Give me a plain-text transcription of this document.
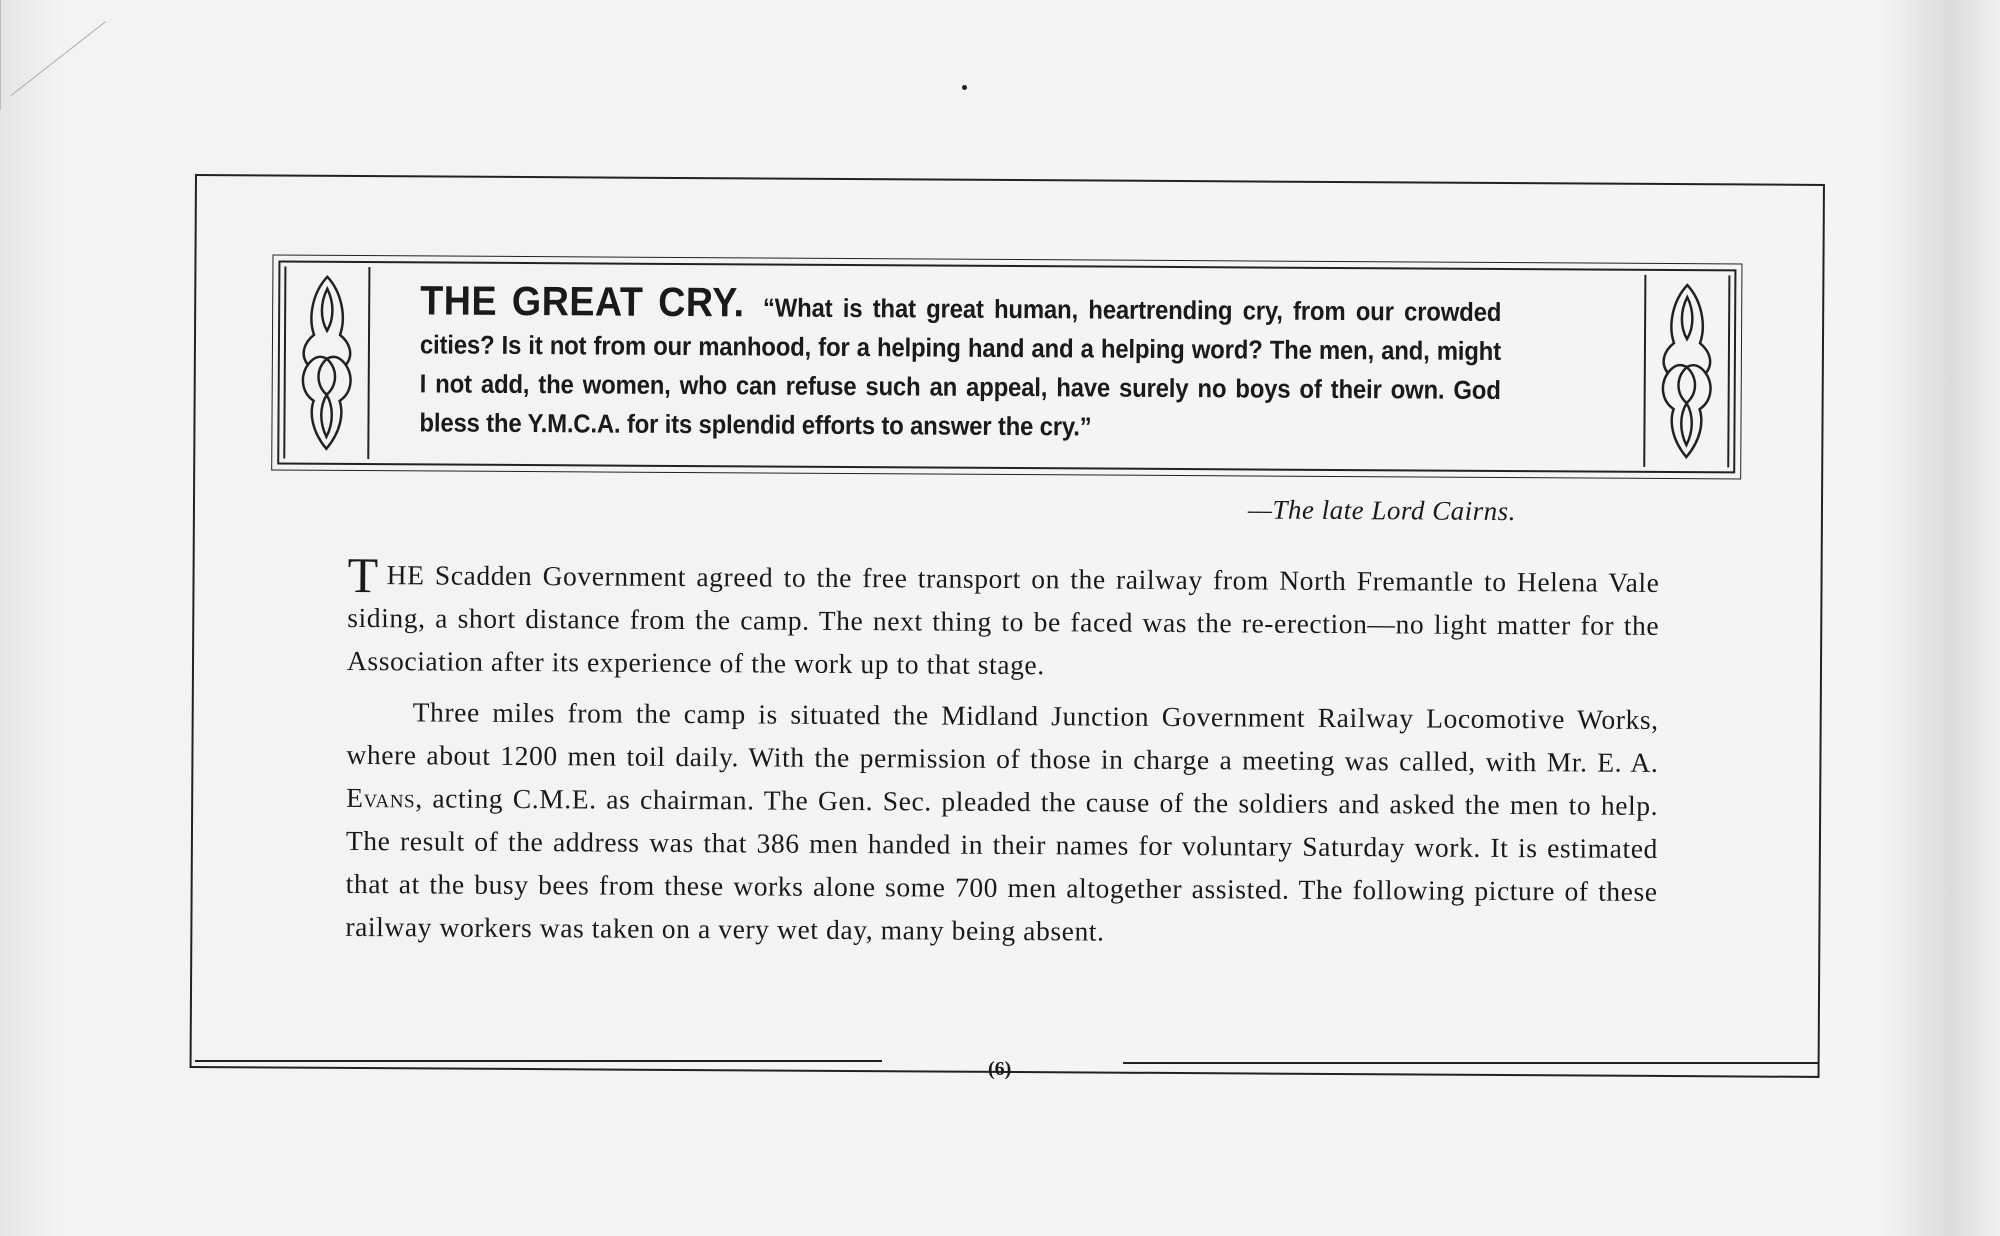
THE GREAT CRY. “What is that great human, heartrending cry, from our crowded cities? Is it not from our manhood, for a helping hand and a helping word? The men, and, might I not add, the women, who can refuse such an appeal, have surely no boys of their own. God bless the Y.M.C.A. for its splendid efforts to answer the cry.”
—The late Lord Cairns.

THE Scadden Government agreed to the free transport on the railway from North Fremantle to Helena Vale siding, a short distance from the camp. The next thing to be faced was the re-erection—no light matter for the Association after its experience of the work up to that stage.

Three miles from the camp is situated the Midland Junction Government Railway Locomotive Works, where about 1200 men toil daily. With the permission of those in charge a meeting was called, with Mr. E. A. Evans, acting C.M.E. as chairman. The Gen. Sec. pleaded the cause of the soldiers and asked the men to help. The result of the address was that 386 men handed in their names for voluntary Saturday work. It is estimated that at the busy bees from these works alone some 700 men altogether assisted. The following picture of these railway workers was taken on a very wet day, many being absent.

(6)
